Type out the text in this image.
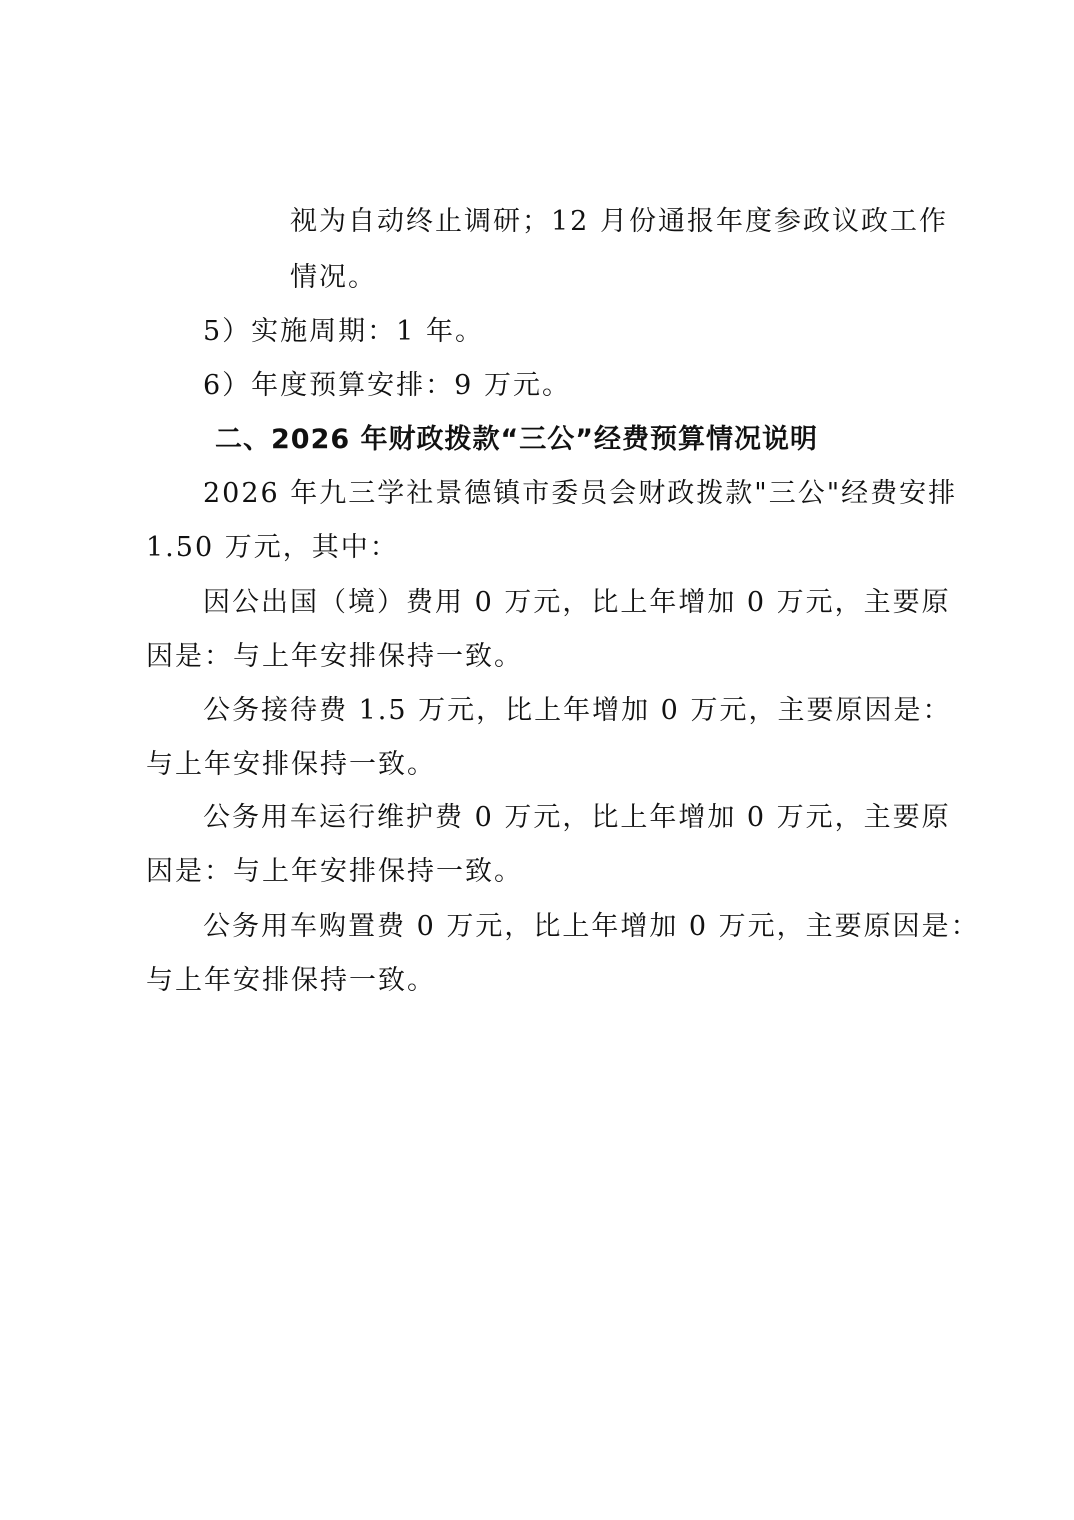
视为自动终止调研；12 月份通报年度参政议政工作
情况。
5）实施周期：1 年。
6）年度预算安排：9 万元。
二、2026 年财政拨款“三公”经费预算情况说明
2026 年九三学社景德镇市委员会财政拨款"三公"经费安排
1.50 万元，其中：
因公出国（境）费用 0 万元，比上年增加 0 万元，主要原
因是：与上年安排保持一致。
公务接待费 1.5 万元，比上年增加 0 万元，主要原因是：
与上年安排保持一致。
公务用车运行维护费 0 万元，比上年增加 0 万元，主要原
因是：与上年安排保持一致。
公务用车购置费 0 万元，比上年增加 0 万元，主要原因是：
与上年安排保持一致。
